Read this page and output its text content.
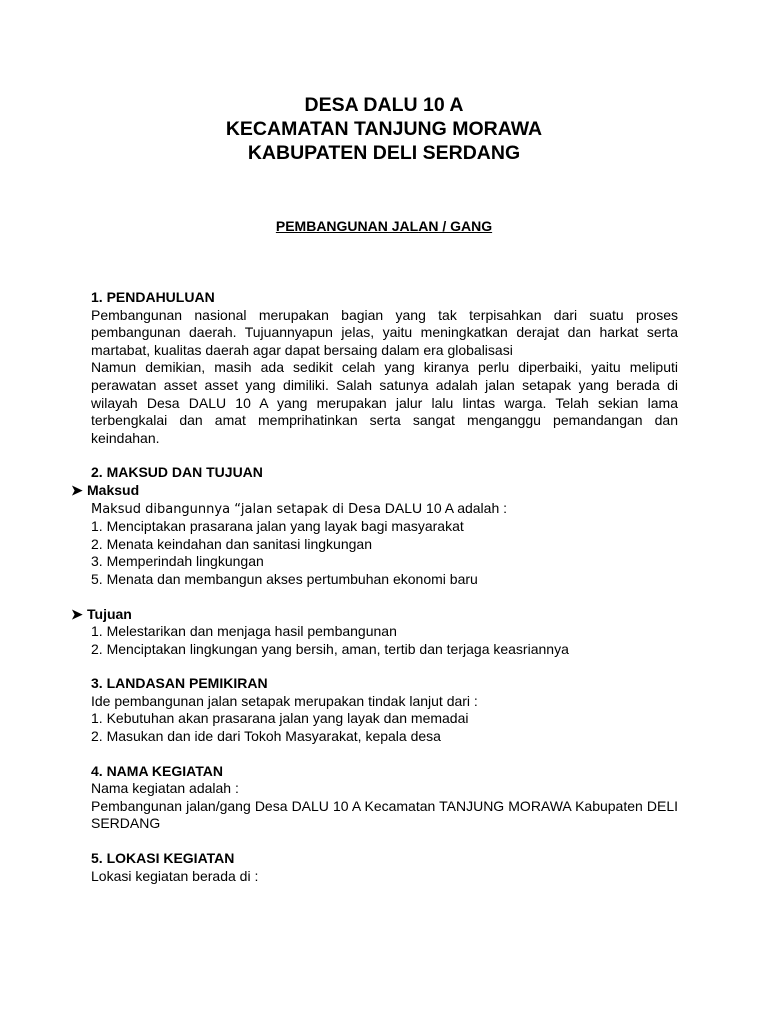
DESA DALU 10 A
KECAMATAN TANJUNG MORAWA
KABUPATEN DELI SERDANG
PEMBANGUNAN JALAN / GANG

1. PENDAHULUAN

Pembangunan nasional merupakan bagian yang tak terpisahkan dari suatu proses pembangunan daerah. Tujuannyapun jelas, yaitu meningkatkan derajat dan harkat serta martabat, kualitas daerah agar dapat bersaing dalam era globalisasi

Namun demikian, masih ada sedikit celah yang kiranya perlu diperbaiki, yaitu meliputi perawatan asset asset yang dimiliki. Salah satunya adalah jalan setapak yang berada di wilayah Desa DALU 10 A yang merupakan jalur lalu lintas warga. Telah sekian lama terbengkalai dan amat memprihatinkan serta sangat menganggu pemandangan dan keindahan.

2. MAKSUD DAN TUJUAN

➤ Maksud

Maksud dibangunnya “jalan setapak di Desa DALU 10 A adalah :

1. Menciptakan prasarana jalan yang layak bagi masyarakat

2. Menata keindahan dan sanitasi lingkungan

3. Memperindah lingkungan

5. Menata dan membangun akses pertumbuhan ekonomi baru

➤ Tujuan

1. Melestarikan dan menjaga hasil pembangunan

2. Menciptakan lingkungan yang bersih, aman, tertib dan terjaga keasriannya

3. LANDASAN PEMIKIRAN

Ide pembangunan jalan setapak merupakan tindak lanjut dari :

1. Kebutuhan akan prasarana jalan yang layak dan memadai

2. Masukan dan ide dari Tokoh Masyarakat, kepala desa

4. NAMA KEGIATAN

Nama kegiatan adalah :

Pembangunan jalan/gang Desa DALU 10 A Kecamatan TANJUNG MORAWA Kabupaten DELI SERDANG

5. LOKASI KEGIATAN

Lokasi kegiatan berada di :
